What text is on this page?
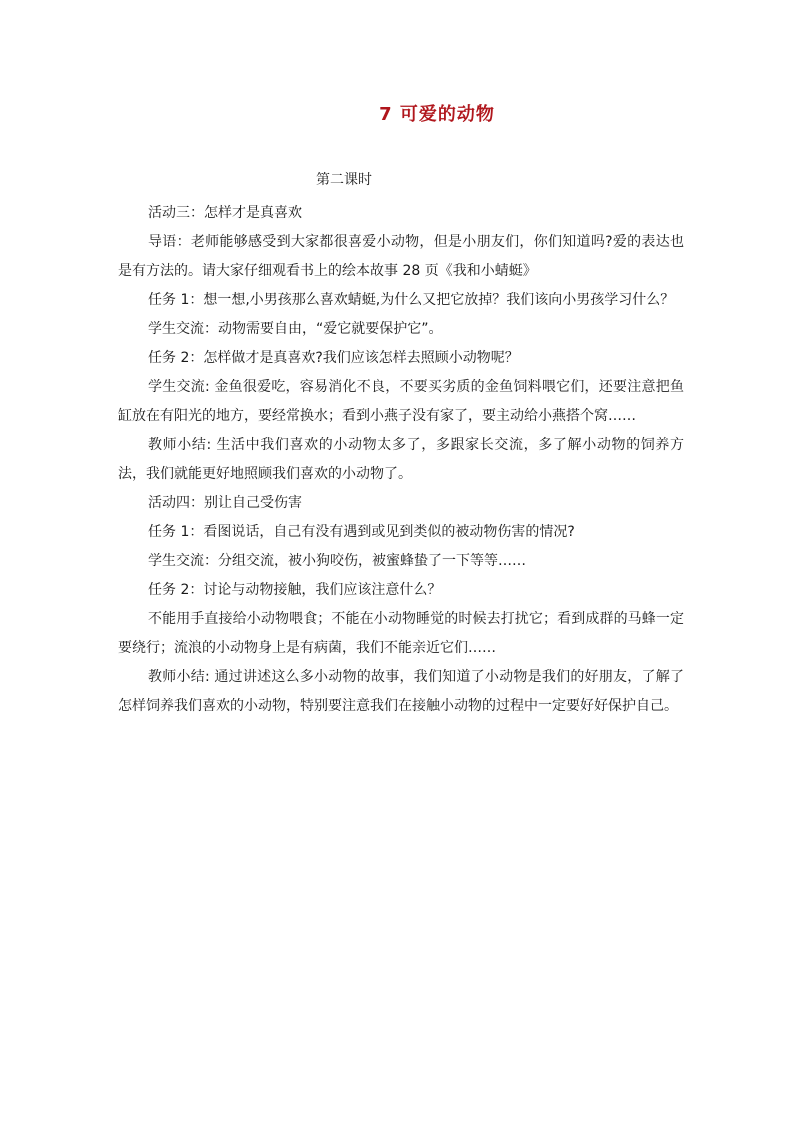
7 可爱的动物
第二课时

活动三：怎样才是真喜欢

导语：老师能够感受到大家都很喜爱小动物，但是小朋友们，你们知道吗?爱的表达也是有方法的。请大家仔细观看书上的绘本故事 28 页《我和小蜻蜓》

任务 1：想一想,小男孩那么喜欢蜻蜓,为什么又把它放掉？我们该向小男孩学习什么？

学生交流：动物需要自由，“爱它就要保护它”。

任务 2：怎样做才是真喜欢?我们应该怎样去照顾小动物呢？

学生交流: 金鱼很爱吃，容易消化不良，不要买劣质的金鱼饲料喂它们，还要注意把鱼缸放在有阳光的地方，要经常换水；看到小燕子没有家了，要主动给小燕搭个窝……

教师小结: 生活中我们喜欢的小动物太多了，多跟家长交流，多了解小动物的饲养方法，我们就能更好地照顾我们喜欢的小动物了。

活动四：别让自己受伤害

任务 1：看图说话，自己有没有遇到或见到类似的被动物伤害的情况?

学生交流：分组交流，被小狗咬伤，被蜜蜂蛰了一下等等……

任务 2：讨论与动物接触，我们应该注意什么？

不能用手直接给小动物喂食；不能在小动物睡觉的时候去打扰它；看到成群的马蜂一定要绕行；流浪的小动物身上是有病菌，我们不能亲近它们……

教师小结: 通过讲述这么多小动物的故事，我们知道了小动物是我们的好朋友，了解了怎样饲养我们喜欢的小动物，特别要注意我们在接触小动物的过程中一定要好好保护自己。
